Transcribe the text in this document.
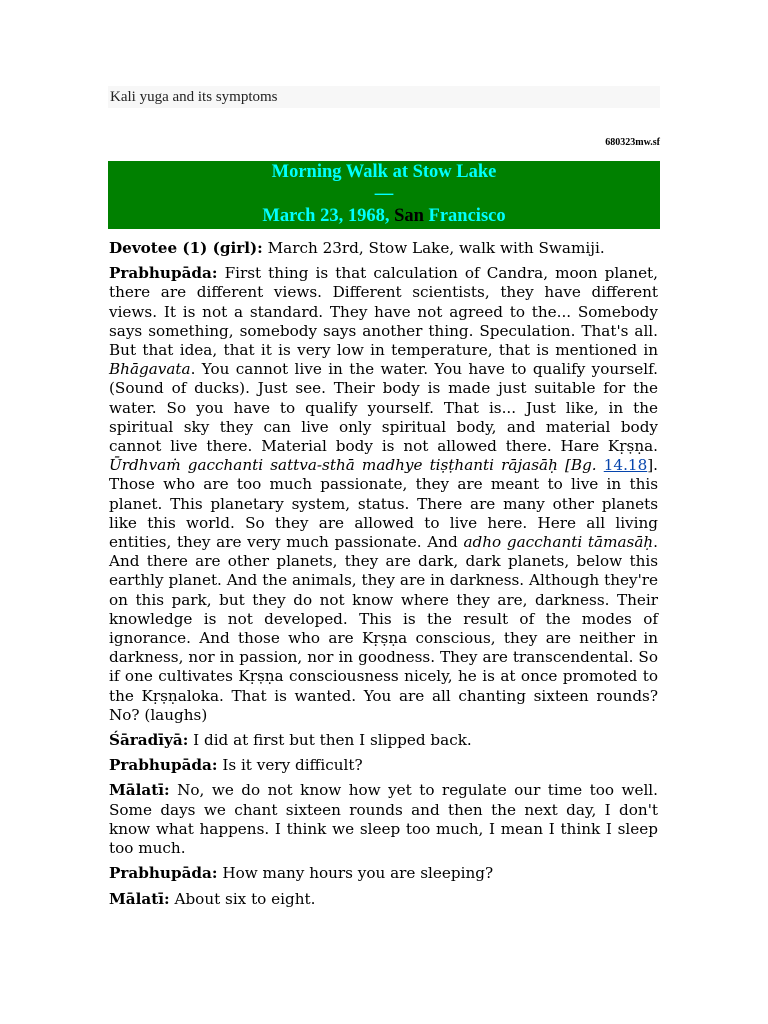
Kali yuga and its symptoms
680323mw.sf
Morning Walk at Stow Lake
—
March 23, 1968, San Francisco

Devotee (1) (girl): March 23rd, Stow Lake, walk with Swamiji.

Prabhupāda: First thing is that calculation of Candra, moon planet, there are different views. Different scientists, they have different views. It is not a standard. They have not agreed to the... Somebody says something, somebody says another thing. Speculation. That's all. But that idea, that it is very low in temperature, that is mentioned in Bhāgavata. You cannot live in the water. You have to qualify yourself. (Sound of ducks). Just see. Their body is made just suitable for the water. So you have to qualify yourself. That is... Just like, in the spiritual sky they can live only spiritual body, and material body cannot live there. Material body is not allowed there. Hare Kṛṣṇa. Ūrdhvaṁ gacchanti sattva-sthā madhye tiṣṭhanti rājasāḥ [Bg. 14.18]. Those who are too much passionate, they are meant to live in this planet. This planetary system, status. There are many other planets like this world. So they are allowed to live here. Here all living entities, they are very much passionate. And adho gacchanti tāmasāḥ. And there are other planets, they are dark, dark planets, below this earthly planet. And the animals, they are in darkness. Although they're on this park, but they do not know where they are, darkness. Their knowledge is not developed. This is the result of the modes of ignorance. And those who are Kṛṣṇa conscious, they are neither in darkness, nor in passion, nor in goodness. They are transcendental. So if one cultivates Kṛṣṇa consciousness nicely, he is at once promoted to the Kṛṣṇaloka. That is wanted. You are all chanting sixteen rounds? No? (laughs)

Śāradīyā: I did at first but then I slipped back.

Prabhupāda: Is it very difficult?

Mālatī: No, we do not know how yet to regulate our time too well. Some days we chant sixteen rounds and then the next day, I don't know what happens. I think we sleep too much, I mean I think I sleep too much.

Prabhupāda: How many hours you are sleeping?

Mālatī: About six to eight.
